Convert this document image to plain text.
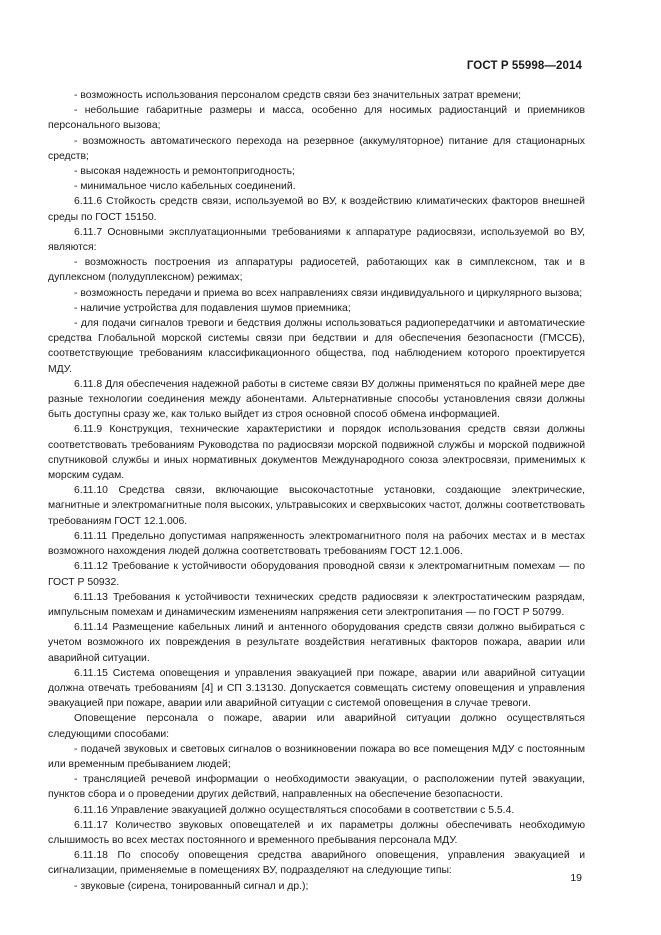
ГОСТ Р 55998—2014

- возможность использования персоналом средств связи без значительных затрат времени;

- небольшие габаритные размеры и масса, особенно для носимых радиостанций и приемников персонального вызова;

- возможность автоматического перехода на резервное (аккумуляторное) питание для стационарных средств;

- высокая надежность и ремонтопригодность;

- минимальное число кабельных соединений.

6.11.6 Стойкость средств связи, используемой во ВУ, к воздействию климатических факторов внешней среды по ГОСТ 15150.

6.11.7 Основными эксплуатационными требованиями к аппаратуре радиосвязи, используемой во ВУ, являются:

- возможность построения из аппаратуры радиосетей, работающих как в симплексном, так и в дуплексном (полудуплексном) режимах;

- возможность передачи и приема во всех направлениях связи индивидуального и циркулярного вызова;

- наличие устройства для подавления шумов приемника;

- для подачи сигналов тревоги и бедствия должны использоваться радиопередатчики и автоматические средства Глобальной морской системы связи при бедствии и для обеспечения безопасности (ГМССБ), соответствующие требованиям классификационного общества, под наблюдением которого проектируется МДУ.

6.11.8 Для обеспечения надежной работы в системе связи ВУ должны применяться по крайней мере две разные технологии соединения между абонентами. Альтернативные способы установления связи должны быть доступны сразу же, как только выйдет из строя основной способ обмена информацией.

6.11.9 Конструкция, технические характеристики и порядок использования средств связи должны соответствовать требованиям Руководства по радиосвязи морской подвижной службы и морской подвижной спутниковой службы и иных нормативных документов Международного союза электросвязи, применимых к морским судам.

6.11.10 Средства связи, включающие высокочастотные установки, создающие электрические, магнитные и электромагнитные поля высоких, ультравысоких и сверхвысоких частот, должны соответствовать требованиям ГОСТ 12.1.006.

6.11.11 Предельно допустимая напряженность электромагнитного поля на рабочих местах и в местах возможного нахождения людей должна соответствовать требованиям ГОСТ 12.1.006.

6.11.12 Требование к устойчивости оборудования проводной связи к электромагнитным помехам — по ГОСТ Р 50932.

6.11.13 Требования к устойчивости технических средств радиосвязи к электростатическим разрядам, импульсным помехам и динамическим изменениям напряжения сети электропитания — по ГОСТ Р 50799.

6.11.14 Размещение кабельных линий и антенного оборудования средств связи должно выбираться с учетом возможного их повреждения в результате воздействия негативных факторов пожара, аварии или аварийной ситуации.

6.11.15 Система оповещения и управления эвакуацией при пожаре, аварии или аварийной ситуации должна отвечать требованиям [4] и СП 3.13130. Допускается совмещать систему оповещения и управления эвакуацией при пожаре, аварии или аварийной ситуации с системой оповещения в случае тревоги.

Оповещение персонала о пожаре, аварии или аварийной ситуации должно осуществляться следующими способами:

- подачей звуковых и световых сигналов о возникновении пожара во все помещения МДУ с постоянным или временным пребыванием людей;

- трансляцией речевой информации о необходимости эвакуации, о расположении путей эвакуации, пунктов сбора и о проведении других действий, направленных на обеспечение безопасности.

6.11.16 Управление эвакуацией должно осуществляться способами в соответствии с 5.5.4.

6.11.17 Количество звуковых оповещателей и их параметры должны обеспечивать необходимую слышимость во всех местах постоянного и временного пребывания персонала МДУ.

6.11.18 По способу оповещения средства аварийного оповещения, управления эвакуацией и сигнализации, применяемые в помещениях ВУ, подразделяют на следующие типы:

- звуковые (сирена, тонированный сигнал и др.);

19
